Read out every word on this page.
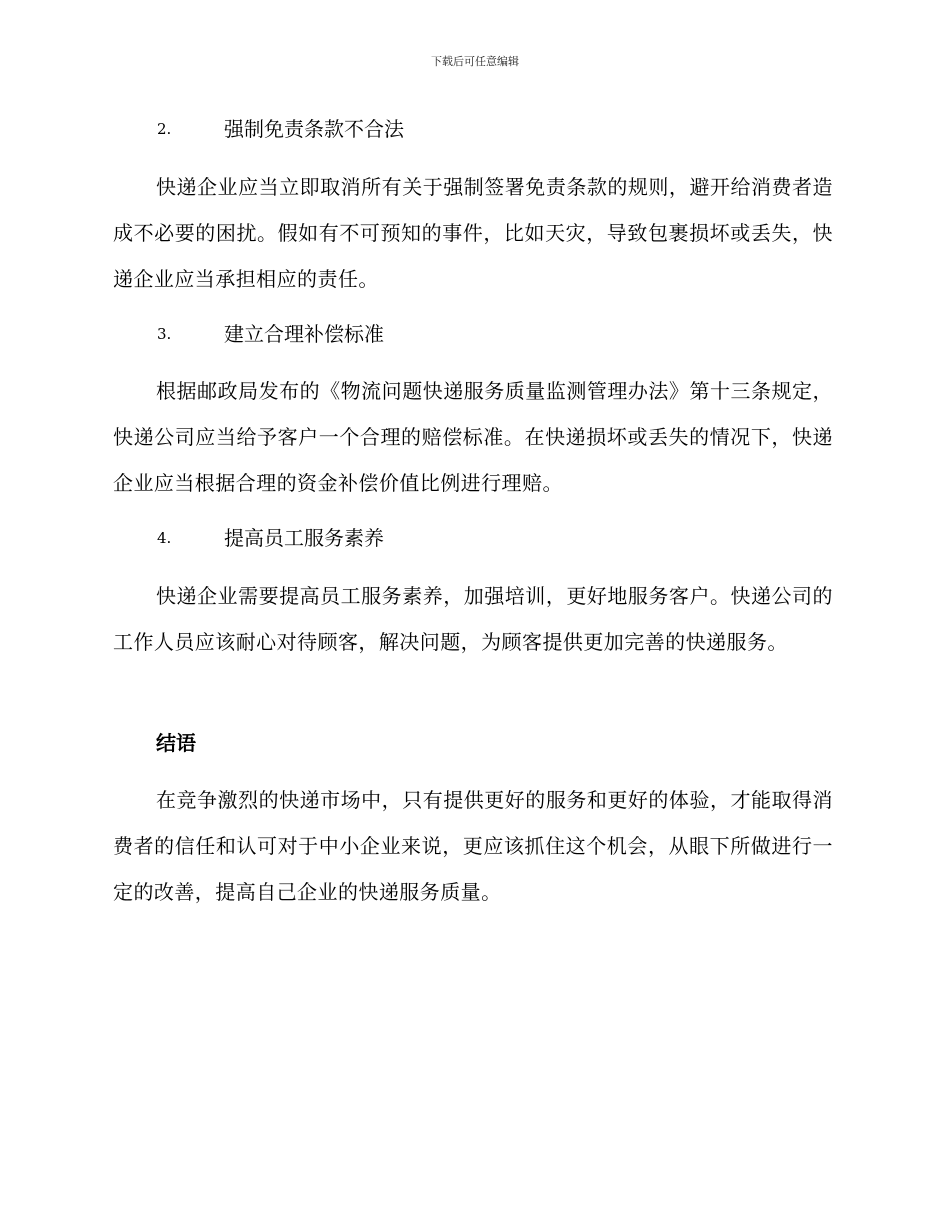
下载后可任意编辑
2.	强制免责条款不合法

快递企业应当立即取消所有关于强制签署免责条款的规则，避开给消费者造成不必要的困扰。假如有不可预知的事件，比如天灾，导致包裹损坏或丢失，快递企业应当承担相应的责任。

3.	建立合理补偿标准

根据邮政局发布的《物流问题快递服务质量监测管理办法》第十三条规定，快递公司应当给予客户一个合理的赔偿标准。在快递损坏或丢失的情况下，快递企业应当根据合理的资金补偿价值比例进行理赔。

4.	提高员工服务素养

快递企业需要提高员工服务素养，加强培训，更好地服务客户。快递公司的工作人员应该耐心对待顾客，解决问题，为顾客提供更加完善的快递服务。

结语

在竞争激烈的快递市场中，只有提供更好的服务和更好的体验，才能取得消费者的信任和认可对于中小企业来说，更应该抓住这个机会，从眼下所做进行一定的改善，提高自己企业的快递服务质量。
